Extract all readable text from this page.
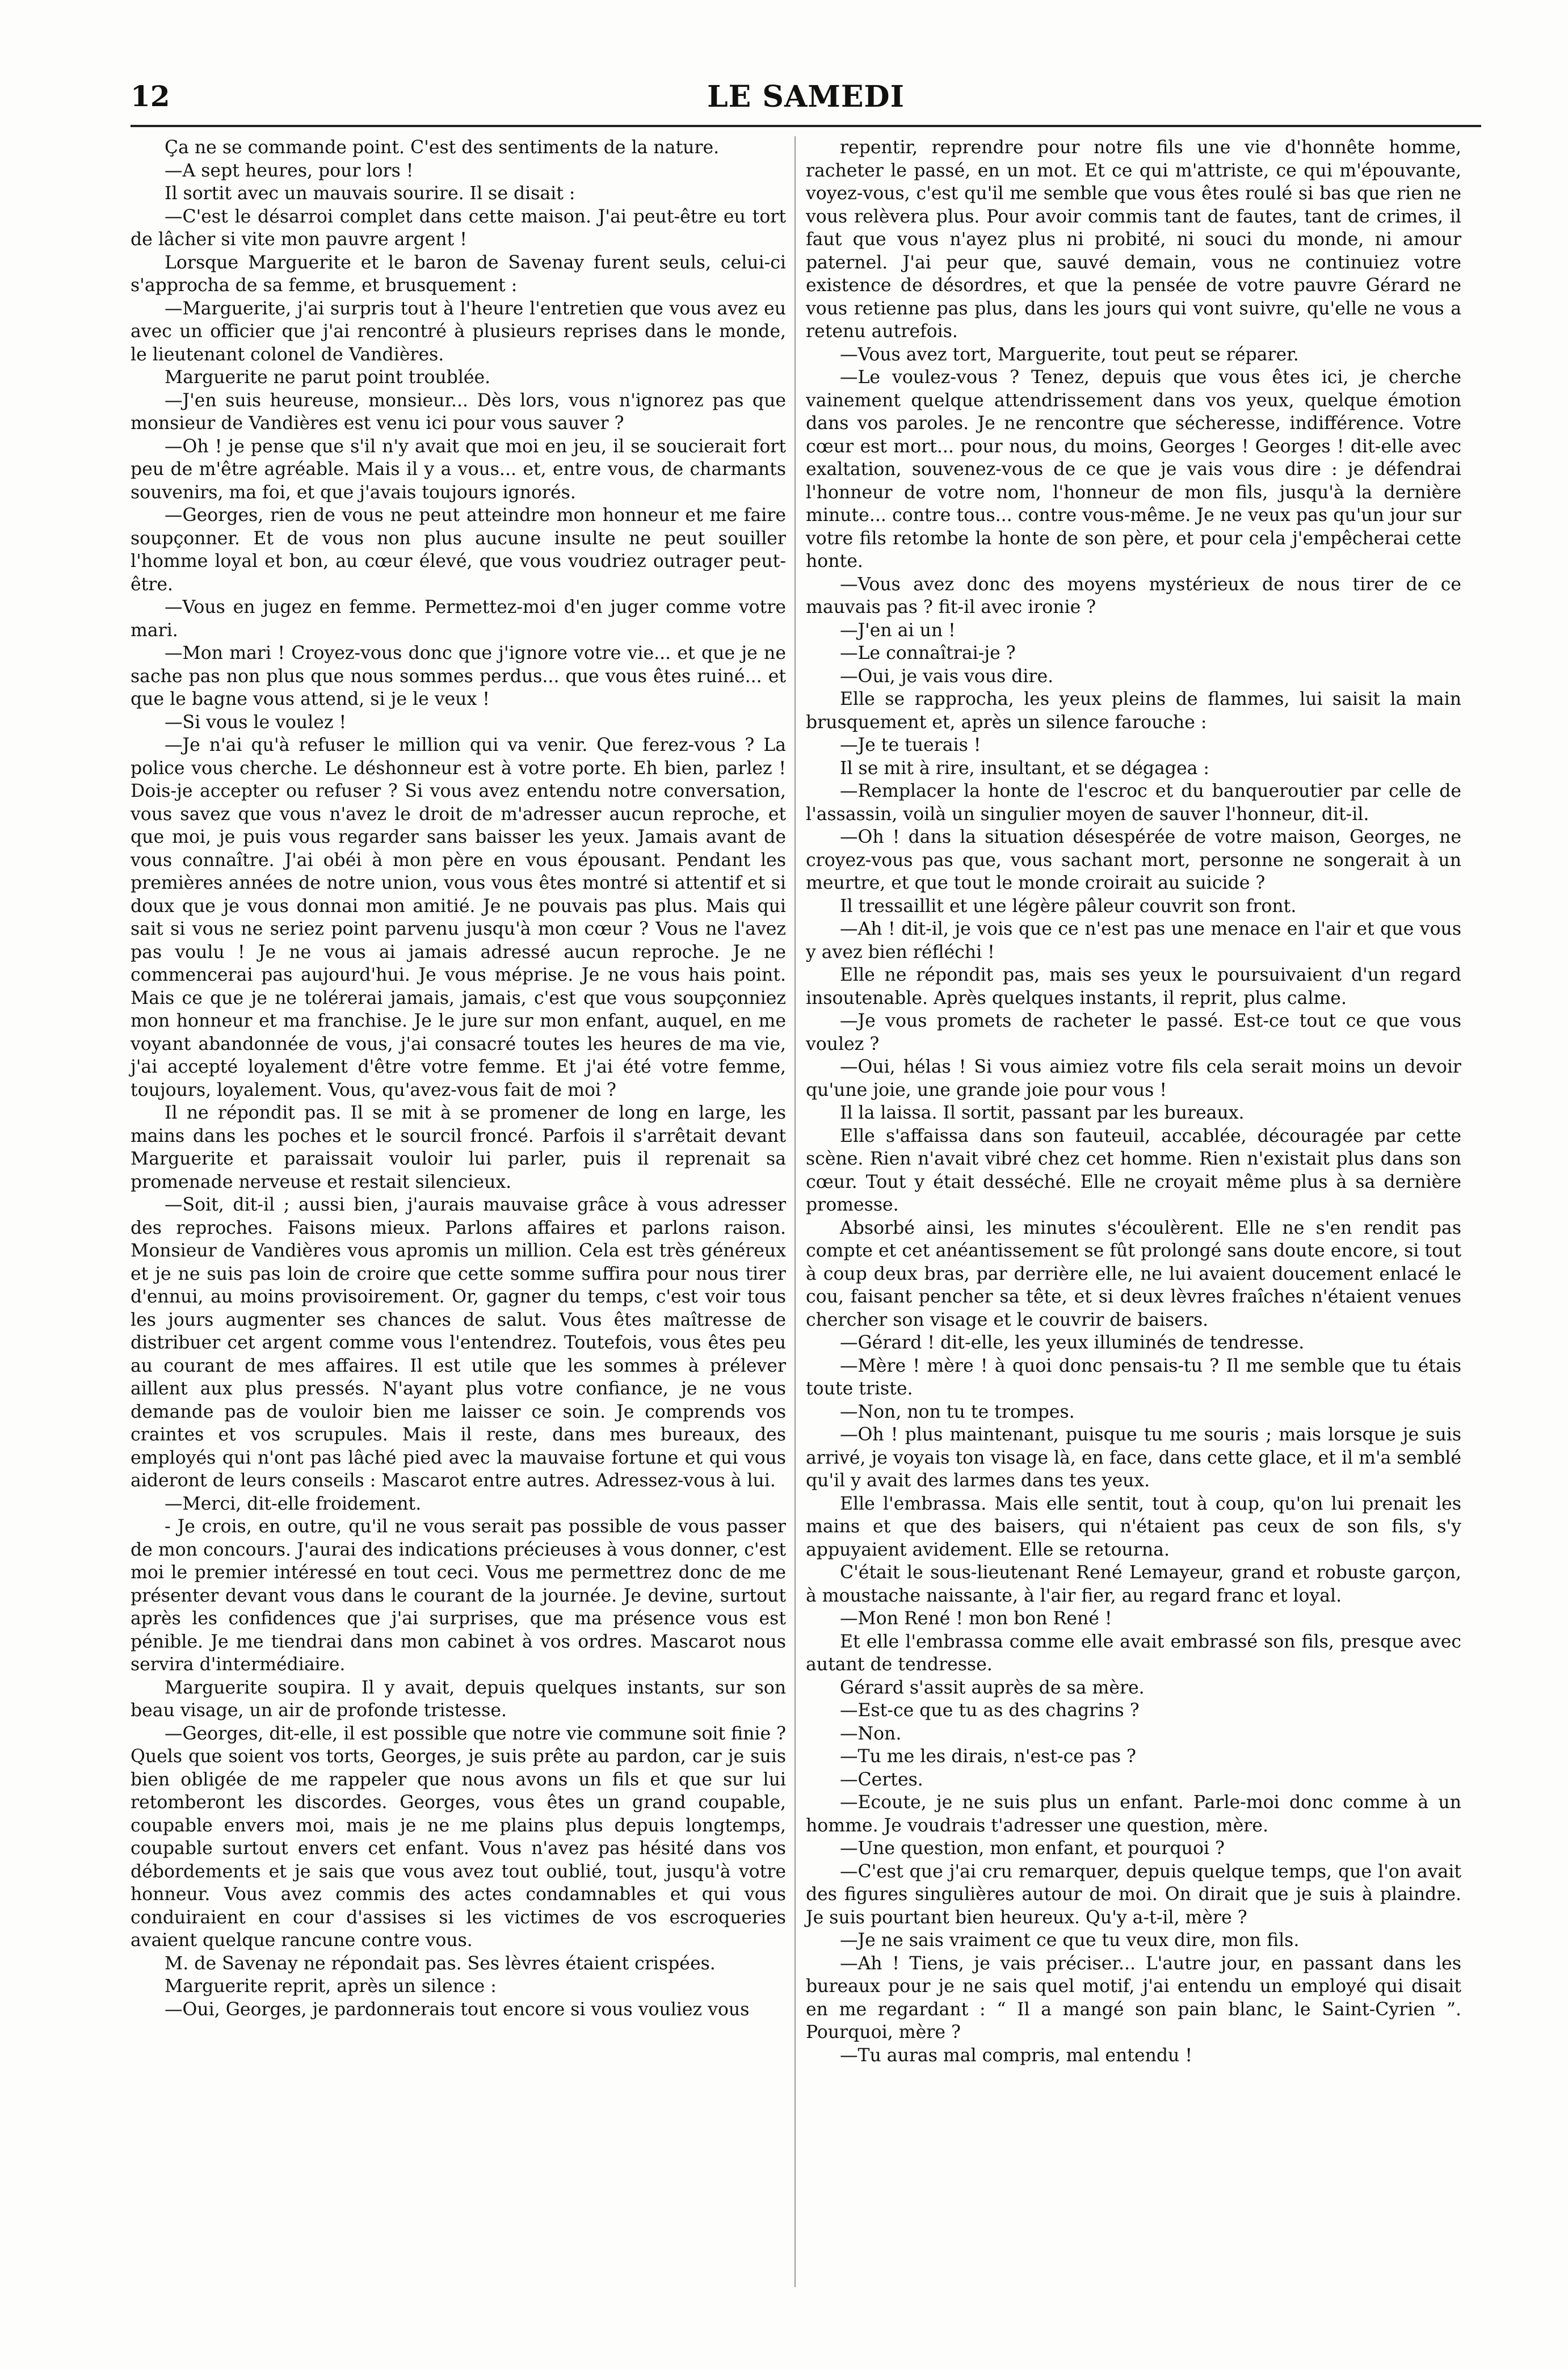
12	LE SAMEDI

Ça ne se commande point. C'est des sentiments de la nature.

—A sept heures, pour lors !

Il sortit avec un mauvais sourire. Il se disait :

—C'est le désarroi complet dans cette maison. J'ai peut-être eu tort de lâcher si vite mon pauvre argent !

Lorsque Marguerite et le baron de Savenay furent seuls, celui-ci s'approcha de sa femme, et brusquement :

—Marguerite, j'ai surpris tout à l'heure l'entretien que vous avez eu avec un officier que j'ai rencontré à plusieurs reprises dans le monde, le lieutenant colonel de Vandières.

Marguerite ne parut point troublée.

—J'en suis heureuse, monsieur... Dès lors, vous n'ignorez pas que monsieur de Vandières est venu ici pour vous sauver ?

—Oh ! je pense que s'il n'y avait que moi en jeu, il se soucierait fort peu de m'être agréable. Mais il y a vous... et, entre vous, de charmants souvenirs, ma foi, et que j'avais toujours ignorés.

—Georges, rien de vous ne peut atteindre mon honneur et me faire soupçonner. Et de vous non plus aucune insulte ne peut souiller l'homme loyal et bon, au cœur élevé, que vous voudriez outrager peut-être.

—Vous en jugez en femme. Permettez-moi d'en juger comme votre mari.

—Mon mari ! Croyez-vous donc que j'ignore votre vie... et que je ne sache pas non plus que nous sommes perdus... que vous êtes ruiné... et que le bagne vous attend, si je le veux !

—Si vous le voulez !

—Je n'ai qu'à refuser le million qui va venir. Que ferez-vous ? La police vous cherche. Le déshonneur est à votre porte. Eh bien, parlez ! Dois-je accepter ou refuser ? Si vous avez entendu notre conversation, vous savez que vous n'avez le droit de m'adresser aucun reproche, et que moi, je puis vous regarder sans baisser les yeux. Jamais avant de vous connaître. J'ai obéi à mon père en vous épousant. Pendant les premières années de notre union, vous vous êtes montré si attentif et si doux que je vous donnai mon amitié. Je ne pouvais pas plus. Mais qui sait si vous ne seriez point parvenu jusqu'à mon cœur ? Vous ne l'avez pas voulu ! Je ne vous ai jamais adressé aucun reproche. Je ne commencerai pas aujourd'hui. Je vous méprise. Je ne vous hais point. Mais ce que je ne tolérerai jamais, jamais, c'est que vous soupçonniez mon honneur et ma franchise. Je le jure sur mon enfant, auquel, en me voyant abandonnée de vous, j'ai consacré toutes les heures de ma vie, j'ai accepté loyalement d'être votre femme. Et j'ai été votre femme, toujours, loyalement. Vous, qu'avez-vous fait de moi ?

Il ne répondit pas. Il se mit à se promener de long en large, les mains dans les poches et le sourcil froncé. Parfois il s'arrêtait devant Marguerite et paraissait vouloir lui parler, puis il reprenait sa promenade nerveuse et restait silencieux.

—Soit, dit-il ; aussi bien, j'aurais mauvaise grâce à vous adresser des reproches. Faisons mieux. Parlons affaires et parlons raison. Monsieur de Vandières vous apromis un million. Cela est très généreux et je ne suis pas loin de croire que cette somme suffira pour nous tirer d'ennui, au moins provisoirement. Or, gagner du temps, c'est voir tous les jours augmenter ses chances de salut. Vous êtes maîtresse de distribuer cet argent comme vous l'entendrez. Toutefois, vous êtes peu au courant de mes affaires. Il est utile que les sommes à prélever aillent aux plus pressés. N'ayant plus votre confiance, je ne vous demande pas de vouloir bien me laisser ce soin. Je comprends vos craintes et vos scrupules. Mais il reste, dans mes bureaux, des employés qui n'ont pas lâché pied avec la mauvaise fortune et qui vous aideront de leurs conseils : Mascarot entre autres. Adressez-vous à lui.

—Merci, dit-elle froidement.

- Je crois, en outre, qu'il ne vous serait pas possible de vous passer de mon concours. J'aurai des indications précieuses à vous donner, c'est moi le premier intéressé en tout ceci. Vous me permettrez donc de me présenter devant vous dans le courant de la journée. Je devine, surtout après les confidences que j'ai surprises, que ma présence vous est pénible. Je me tiendrai dans mon cabinet à vos ordres. Mascarot nous servira d'intermédiaire.

Marguerite soupira. Il y avait, depuis quelques instants, sur son beau visage, un air de profonde tristesse.

—Georges, dit-elle, il est possible que notre vie commune soit finie ? Quels que soient vos torts, Georges, je suis prête au pardon, car je suis bien obligée de me rappeler que nous avons un fils et que sur lui retomberont les discordes. Georges, vous êtes un grand coupable, coupable envers moi, mais je ne me plains plus depuis longtemps, coupable surtout envers cet enfant. Vous n'avez pas hésité dans vos débordements et je sais que vous avez tout oublié, tout, jusqu'à votre honneur. Vous avez commis des actes condamnables et qui vous conduiraient en cour d'assises si les victimes de vos escroqueries avaient quelque rancune contre vous.

M. de Savenay ne répondait pas. Ses lèvres étaient crispées.

Marguerite reprit, après un silence :

—Oui, Georges, je pardonnerais tout encore si vous vouliez vous

repentir, reprendre pour notre fils une vie d'honnête homme, racheter le passé, en un mot. Et ce qui m'attriste, ce qui m'épouvante, voyez-vous, c'est qu'il me semble que vous êtes roulé si bas que rien ne vous relèvera plus. Pour avoir commis tant de fautes, tant de crimes, il faut que vous n'ayez plus ni probité, ni souci du monde, ni amour paternel. J'ai peur que, sauvé demain, vous ne continuiez votre existence de désordres, et que la pensée de votre pauvre Gérard ne vous retienne pas plus, dans les jours qui vont suivre, qu'elle ne vous a retenu autrefois.

—Vous avez tort, Marguerite, tout peut se réparer.

—Le voulez-vous ? Tenez, depuis que vous êtes ici, je cherche vainement quelque attendrissement dans vos yeux, quelque émotion dans vos paroles. Je ne rencontre que sécheresse, indifférence. Votre cœur est mort... pour nous, du moins, Georges ! Georges ! dit-elle avec exaltation, souvenez-vous de ce que je vais vous dire : je défendrai l'honneur de votre nom, l'honneur de mon fils, jusqu'à la dernière minute... contre tous... contre vous-même. Je ne veux pas qu'un jour sur votre fils retombe la honte de son père, et pour cela j'empêcherai cette honte.

—Vous avez donc des moyens mystérieux de nous tirer de ce mauvais pas ? fit-il avec ironie ?

—J'en ai un !

—Le connaîtrai-je ?

—Oui, je vais vous dire.

Elle se rapprocha, les yeux pleins de flammes, lui saisit la main brusquement et, après un silence farouche :

—Je te tuerais !

Il se mit à rire, insultant, et se dégagea :

—Remplacer la honte de l'escroc et du banqueroutier par celle de l'assassin, voilà un singulier moyen de sauver l'honneur, dit-il.

—Oh ! dans la situation désespérée de votre maison, Georges, ne croyez-vous pas que, vous sachant mort, personne ne songerait à un meurtre, et que tout le monde croirait au suicide ?

Il tressaillit et une légère pâleur couvrit son front.

—Ah ! dit-il, je vois que ce n'est pas une menace en l'air et que vous y avez bien réfléchi !

Elle ne répondit pas, mais ses yeux le poursuivaient d'un regard insoutenable. Après quelques instants, il reprit, plus calme.

—Je vous promets de racheter le passé. Est-ce tout ce que vous voulez ?

—Oui, hélas ! Si vous aimiez votre fils cela serait moins un devoir qu'une joie, une grande joie pour vous !

Il la laissa. Il sortit, passant par les bureaux.

Elle s'affaissa dans son fauteuil, accablée, découragée par cette scène. Rien n'avait vibré chez cet homme. Rien n'existait plus dans son cœur. Tout y était desséché. Elle ne croyait même plus à sa dernière promesse.

Absorbé ainsi, les minutes s'écoulèrent. Elle ne s'en rendit pas compte et cet anéantissement se fût prolongé sans doute encore, si tout à coup deux bras, par derrière elle, ne lui avaient doucement enlacé le cou, faisant pencher sa tête, et si deux lèvres fraîches n'étaient venues chercher son visage et le couvrir de baisers.

—Gérard ! dit-elle, les yeux illuminés de tendresse.

—Mère ! mère ! à quoi donc pensais-tu ? Il me semble que tu étais toute triste.

—Non, non tu te trompes.

—Oh ! plus maintenant, puisque tu me souris ; mais lorsque je suis arrivé, je voyais ton visage là, en face, dans cette glace, et il m'a semblé qu'il y avait des larmes dans tes yeux.

Elle l'embrassa. Mais elle sentit, tout à coup, qu'on lui prenait les mains et que des baisers, qui n'étaient pas ceux de son fils, s'y appuyaient avidement. Elle se retourna.

C'était le sous-lieutenant René Lemayeur, grand et robuste garçon, à moustache naissante, à l'air fier, au regard franc et loyal.

—Mon René ! mon bon René !

Et elle l'embrassa comme elle avait embrassé son fils, presque avec autant de tendresse.

Gérard s'assit auprès de sa mère.

—Est-ce que tu as des chagrins ?

—Non.

—Tu me les dirais, n'est-ce pas ?

—Certes.

—Ecoute, je ne suis plus un enfant. Parle-moi donc comme à un homme. Je voudrais t'adresser une question, mère.

—Une question, mon enfant, et pourquoi ?

—C'est que j'ai cru remarquer, depuis quelque temps, que l'on avait des figures singulières autour de moi. On dirait que je suis à plaindre. Je suis pourtant bien heureux. Qu'y a-t-il, mère ?

—Je ne sais vraiment ce que tu veux dire, mon fils.

—Ah ! Tiens, je vais préciser... L'autre jour, en passant dans les bureaux pour je ne sais quel motif, j'ai entendu un employé qui disait en me regardant : “ Il a mangé son pain blanc, le Saint-Cyrien ”. Pourquoi, mère ?

—Tu auras mal compris, mal entendu !
